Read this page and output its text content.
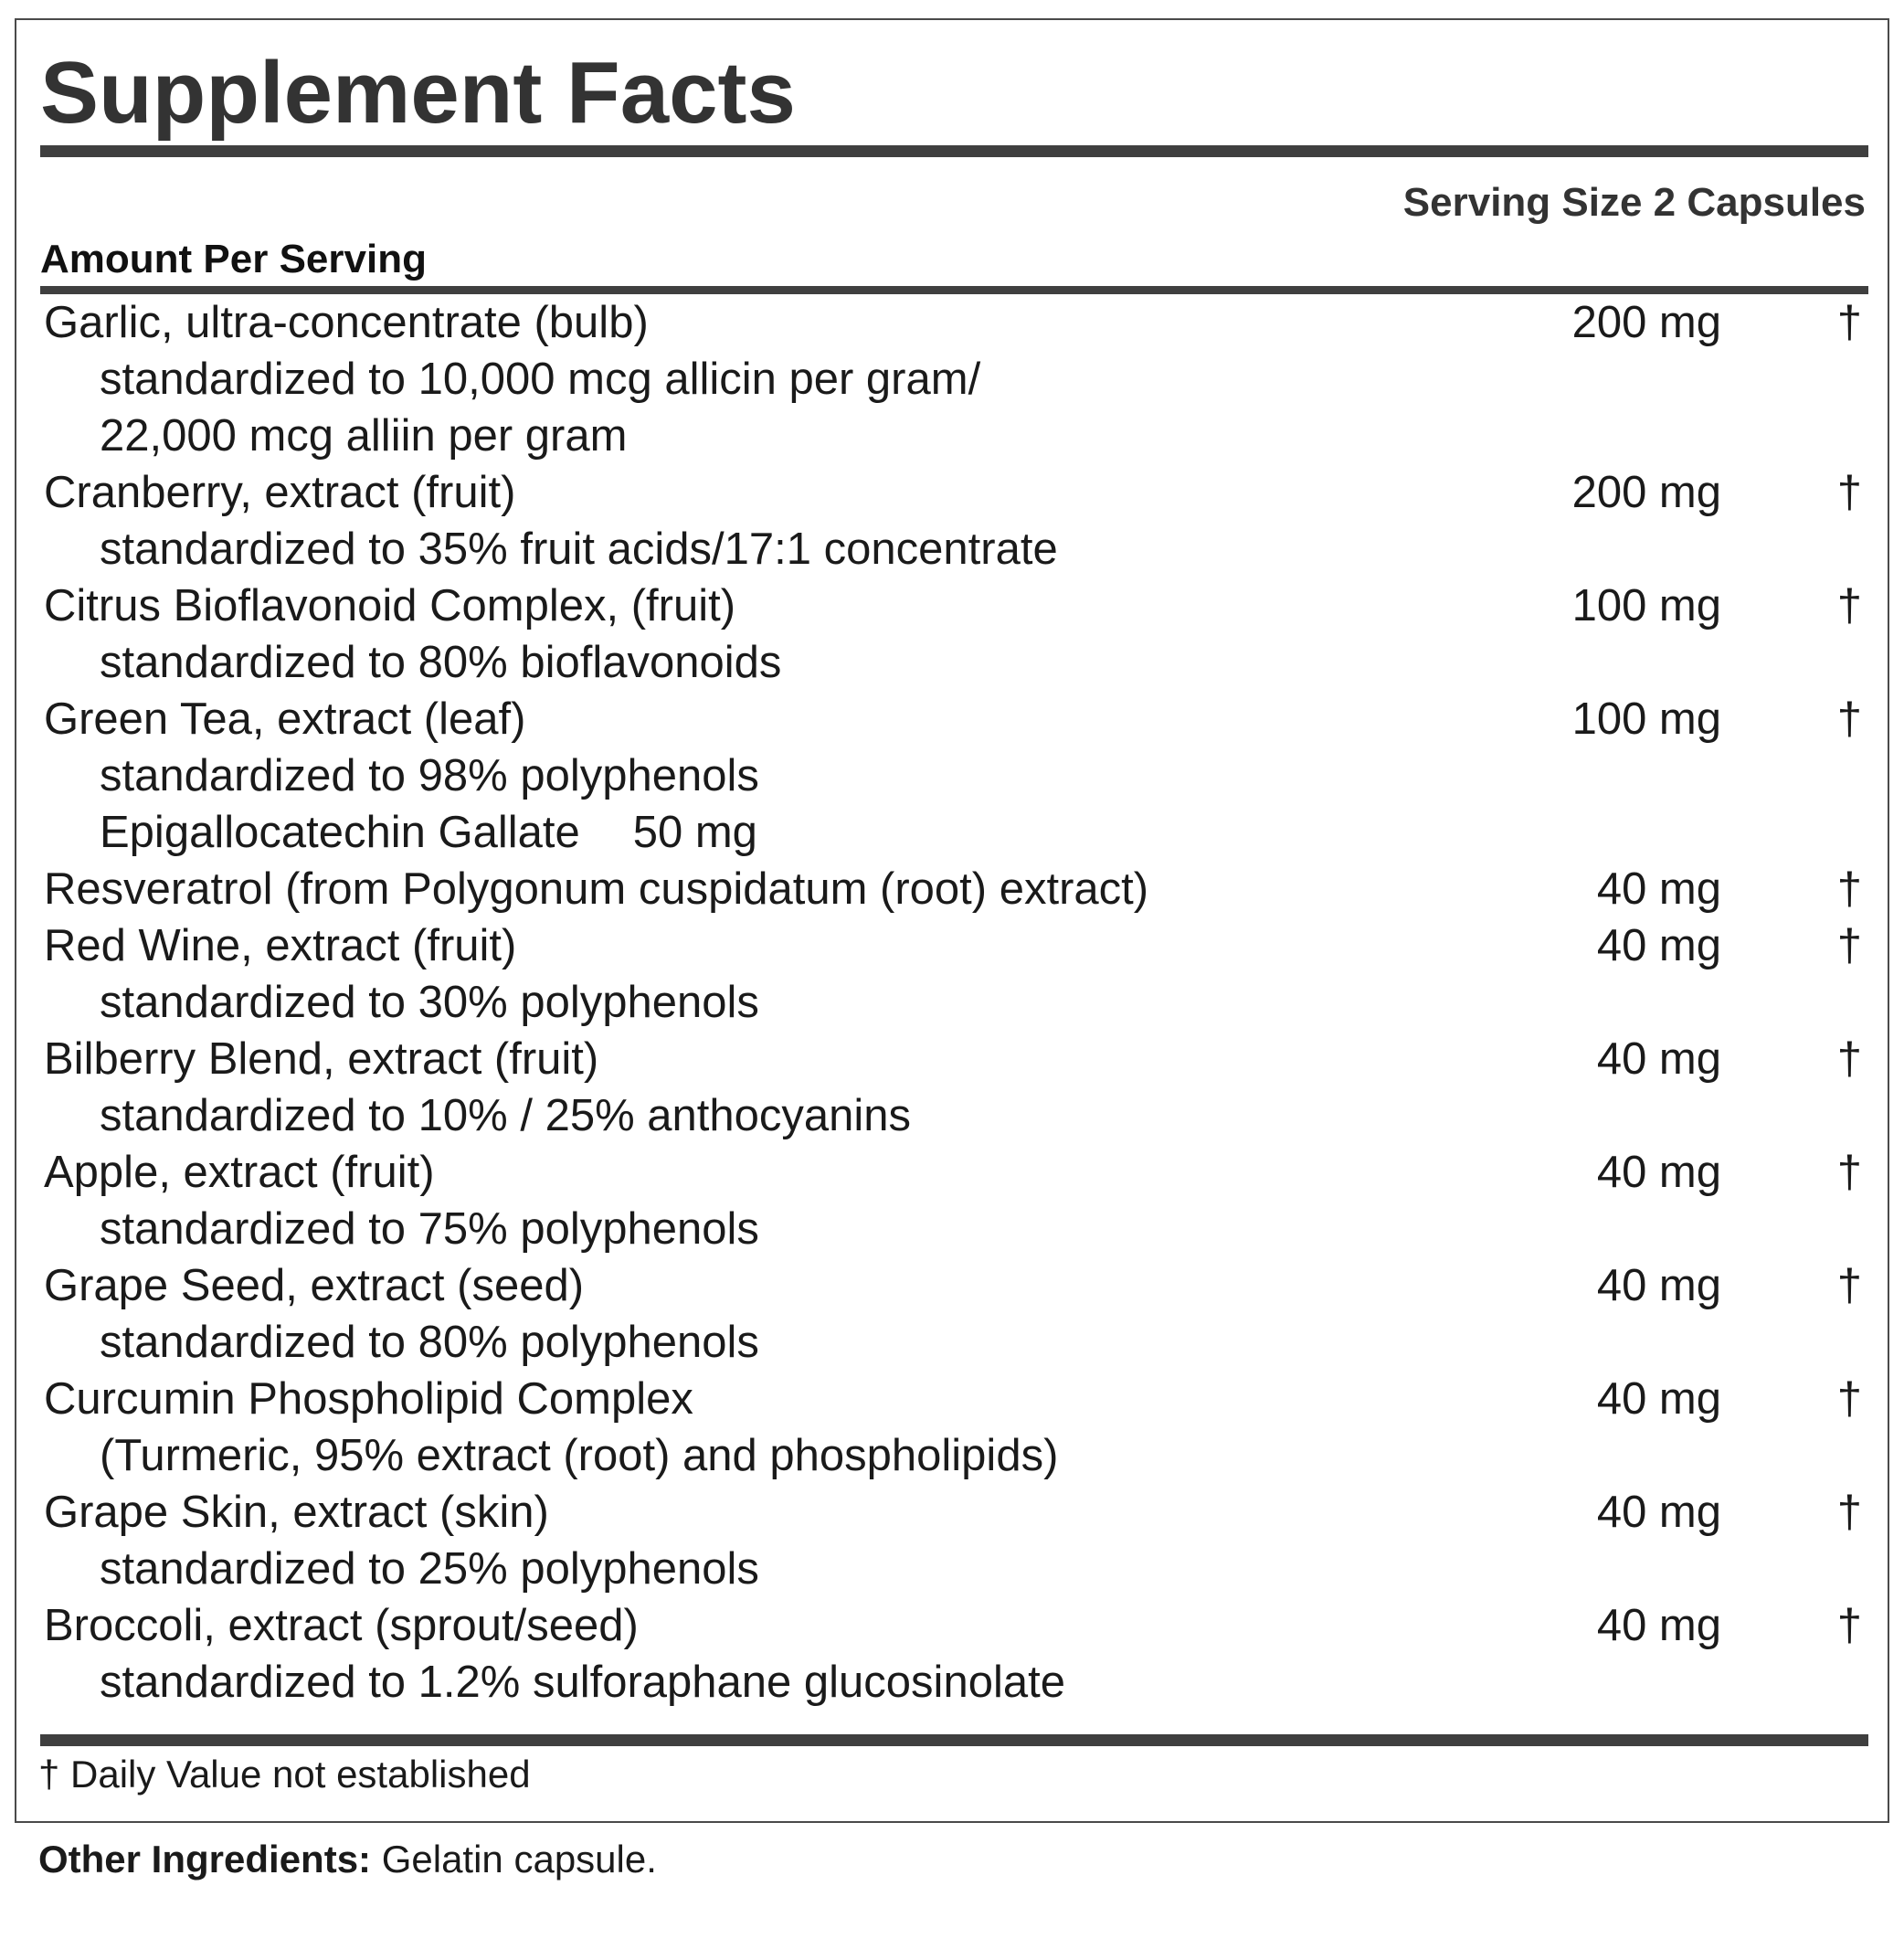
Supplement Facts
Serving Size 2 Capsules
Amount Per Serving
Garlic, ultra-concentrate (bulb)	200 mg	†
standardized to 10,000 mcg allicin per gram/
22,000 mcg alliin per gram
Cranberry, extract (fruit)	200 mg	†
standardized to 35% fruit acids/17:1 concentrate
Citrus Bioflavonoid Complex, (fruit)	100 mg	†
standardized to 80% bioflavonoids
Green Tea, extract (leaf)	100 mg	†
standardized to 98% polyphenols
Epigallocatechin Gallate 50 mg
Resveratrol (from Polygonum cuspidatum (root) extract)	40 mg	†
Red Wine, extract (fruit)	40 mg	†
standardized to 30% polyphenols
Bilberry Blend, extract (fruit)	40 mg	†
standardized to 10% / 25% anthocyanins
Apple, extract (fruit)	40 mg	†
standardized to 75% polyphenols
Grape Seed, extract (seed)	40 mg	†
standardized to 80% polyphenols
Curcumin Phospholipid Complex	40 mg	†
(Turmeric, 95% extract (root) and phospholipids)
Grape Skin, extract (skin)	40 mg	†
standardized to 25% polyphenols
Broccoli, extract (sprout/seed)	40 mg	†
standardized to 1.2% sulforaphane glucosinolate
† Daily Value not established
Other Ingredients: Gelatin capsule.
